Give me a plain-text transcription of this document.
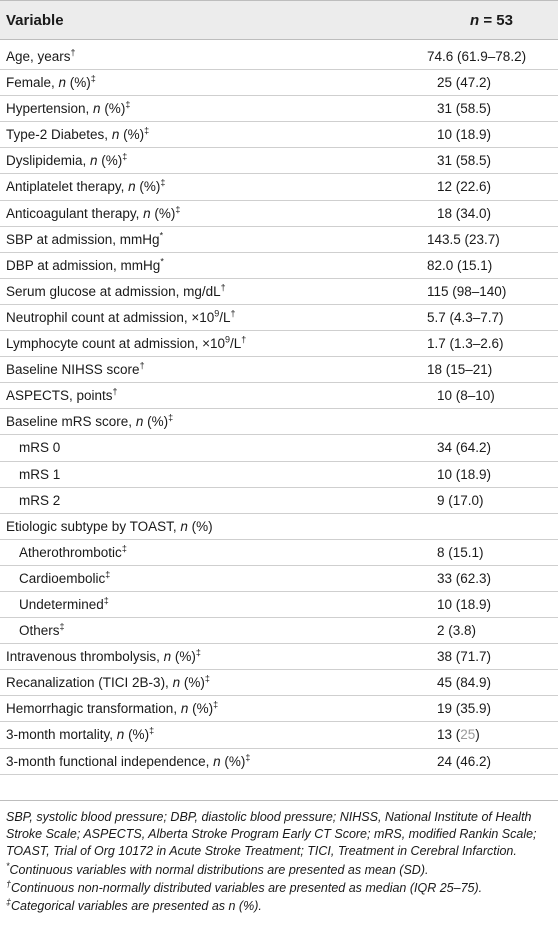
Variable	n = 53
Age, years†	74.6 (61.9–78.2)
Female, n (%)‡	25 (47.2)
Hypertension, n (%)‡	31 (58.5)
Type-2 Diabetes, n (%)‡	10 (18.9)
Dyslipidemia, n (%)‡	31 (58.5)
Antiplatelet therapy, n (%)‡	12 (22.6)
Anticoagulant therapy, n (%)‡	18 (34.0)
SBP at admission, mmHg*	143.5 (23.7)
DBP at admission, mmHg*	82.0 (15.1)
Serum glucose at admission, mg/dL†	115 (98–140)
Neutrophil count at admission, $\times 10^9/L^\dagger$	5.7 (4.3–7.7)
Lymphocyte count at admission, $\times 10^9/L^\dagger$	1.7 (1.3–2.6)
Baseline NIHSS score†	18 (15–21)
ASPECTS, points†	10 (8–10)
Baseline mRS score, n (%)‡
mRS 0	34 (64.2)
mRS 1	10 (18.9)
mRS 2	9 (17.0)
Etiologic subtype by TOAST, n (%)
Atherothrombotic‡	8 (15.1)
Cardioembolic‡	33 (62.3)
Undetermined‡	10 (18.9)
Others‡	2 (3.8)
Intravenous thrombolysis, n (%)‡	38 (71.7)
Recanalization (TICI 2B-3), n (%)‡	45 (84.9)
Hemorrhagic transformation, n (%)‡	19 (35.9)
3-month mortality, n (%)‡	13 (25)
3-month functional independence, n (%)‡	24 (46.2)

SBP, systolic blood pressure; DBP, diastolic blood pressure; NIHSS, National Institute of Health Stroke Scale; ASPECTS, Alberta Stroke Program Early CT Score; mRS, modified Rankin Scale; TOAST, Trial of Org 10172 in Acute Stroke Treatment; TICI, Treatment in Cerebral Infarction.

*Continuous variables with normal distributions are presented as mean (SD).

†Continuous non-normally distributed variables are presented as median (IQR 25–75).

‡Categorical variables are presented as n (%).
